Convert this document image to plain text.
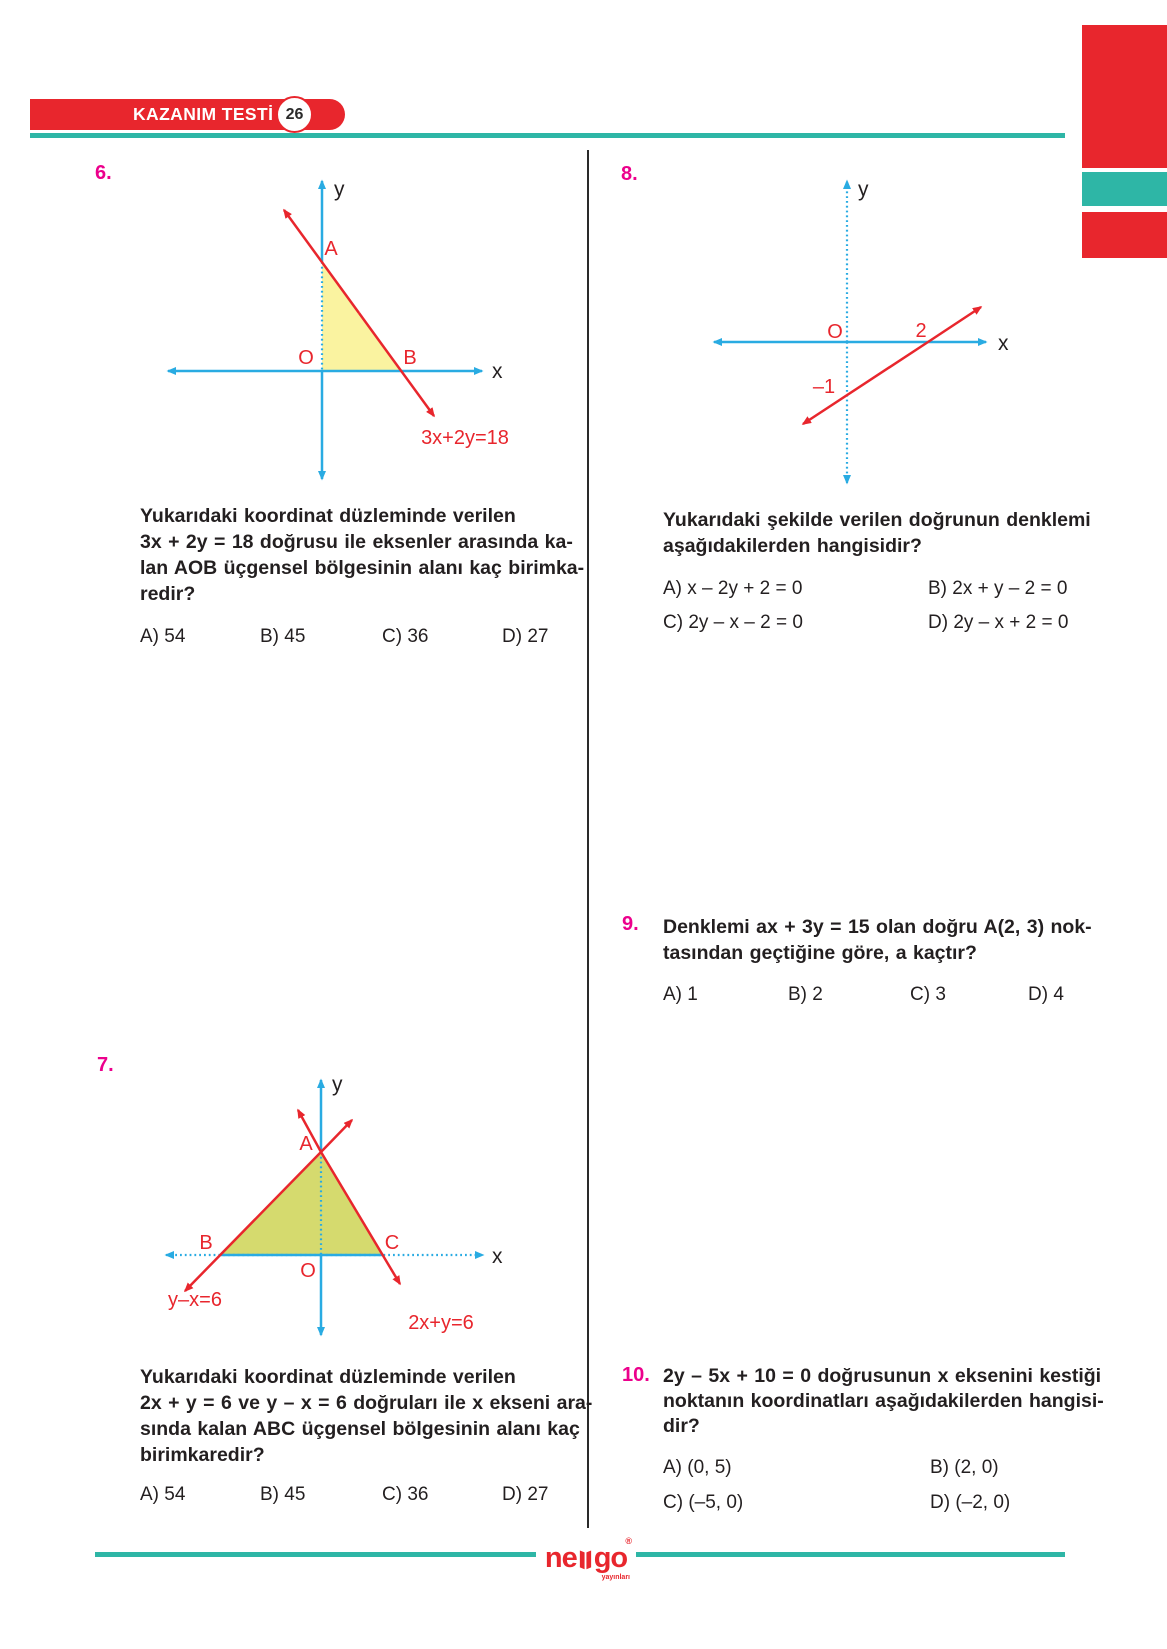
KAZANIM TESTİ 26
6.
y
x
A
O	B
3x+2y=18
Yukarıdaki koordinat düzleminde verilen
3x + 2y = 18 doğrusu ile eksenler arasında ka-
lan AOB üçgensel bölgesinin alanı kaç birimka-
redir?
A) 54	B) 45	C) 36	D) 27
7.
y
x
A
B	C
O
y–x=6
2x+y=6
Yukarıdaki koordinat düzleminde verilen
2x + y = 6 ve y – x = 6 doğruları ile x ekseni ara-
sında kalan ABC üçgensel bölgesinin alanı kaç
birimkaredir?
A) 54	B) 45	C) 36	D) 27
8.
y
x
O	2
–1
Yukarıdaki şekilde verilen doğrunun denklemi
aşağıdakilerden hangisidir?
A) x – 2y + 2 = 0	B) 2x + y – 2 = 0
C) 2y – x – 2 = 0	D) 2y – x + 2 = 0
9. Denklemi ax + 3y = 15 olan doğru A(2, 3) nok-
tasından geçtiğine göre, a kaçtır?
A) 1	B) 2	C) 3	D) 4
10. 2y – 5x + 10 = 0 doğrusunun x eksenini kestiği
noktanın koordinatları aşağıdakilerden hangisi-
dir?
A) (0, 5)	B) (2, 0)
C) (–5, 0)	D) (–2, 0)
ne go
®
yayınları
